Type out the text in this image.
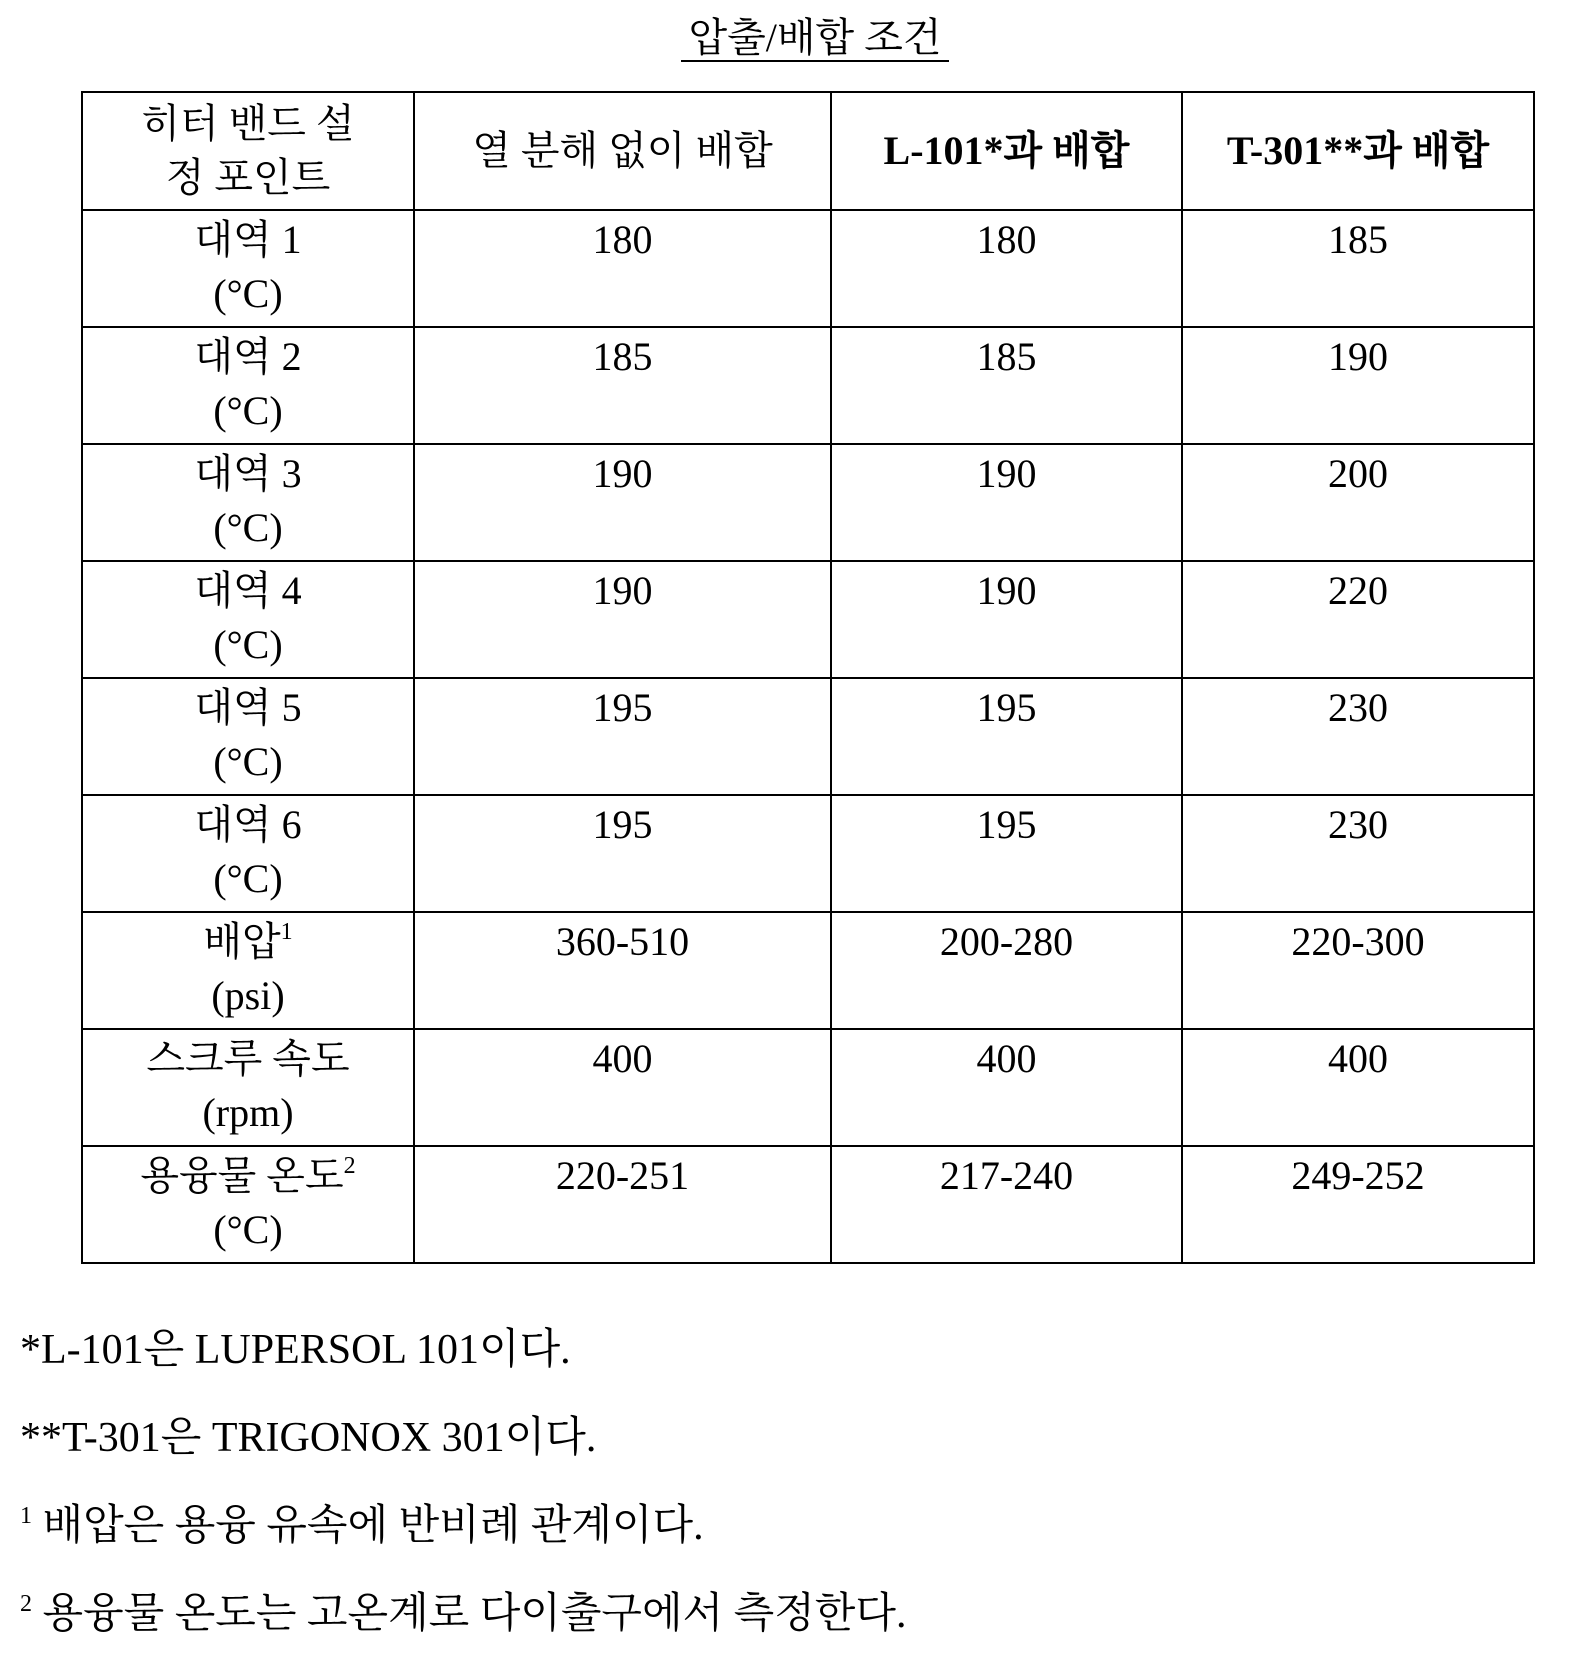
압출/배합 조건
히터 밴드 설정 포인트	열 분해 없이 배합	L-101*과 배합	T-301**과 배합
대역 1
(°C)	180	180	185
대역 2
(°C)	185	185	190
대역 3
(°C)	190	190	200
대역 4
(°C)	190	190	220
대역 5
(°C)	195	195	230
대역 6
(°C)	195	195	230
배압1
(psi)	360-510	200-280	220-300
스크루 속도
(rpm)	400	400	400
용융물 온도2
(°C)	220-251	217-240	249-252
*L-101은 LUPERSOL 101이다.
**T-301은 TRIGONOX 301이다.
1 배압은 용융 유속에 반비례 관계이다.
2 용융물 온도는 고온계로 다이출구에서 측정한다.
